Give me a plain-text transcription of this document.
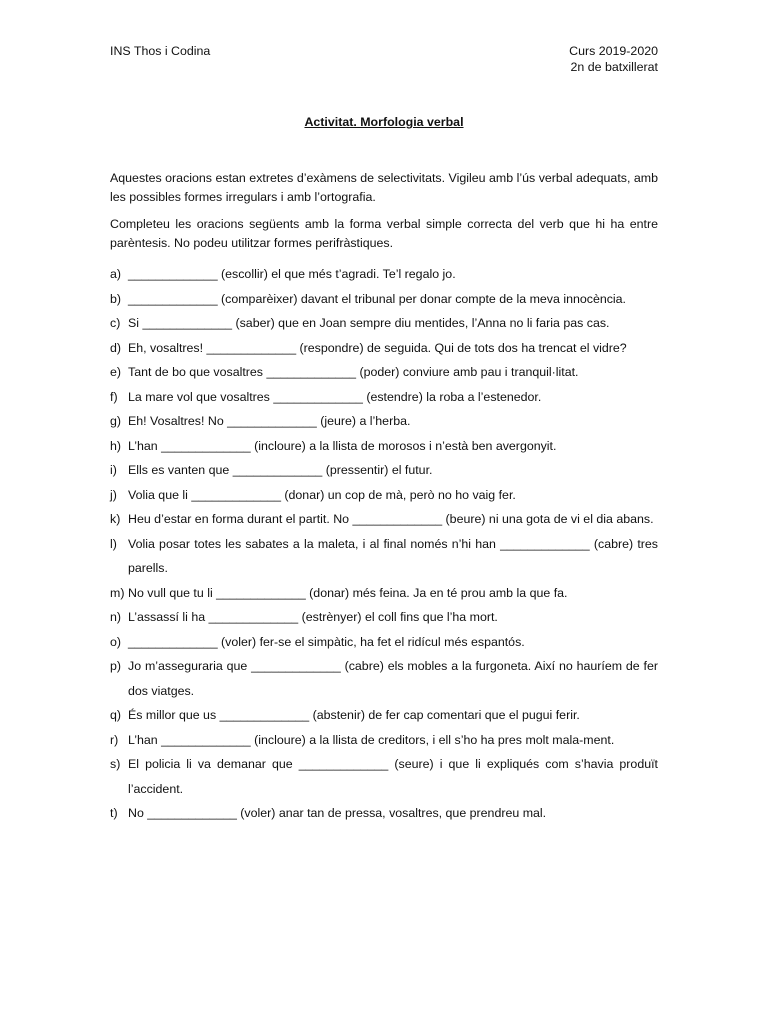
INS Thos i Codina	Curs 2019-2020
2n de batxillerat
Activitat. Morfologia verbal
Aquestes oracions estan extretes d’exàmens de selectivitats. Vigileu amb l’ús verbal adequats, amb les possibles formes irregulars i amb l’ortografia.
Completeu les oracions següents amb la forma verbal simple correcta del verb que hi ha entre parèntesis. No podeu utilitzar formes perifràstiques.
a) _____________ (escollir) el que més t’agradi. Te’l regalo jo.
b) _____________ (comparèixer) davant el tribunal per donar compte de la meva innocència.
c) Si _____________ (saber) que en Joan sempre diu mentides, l’Anna no li faria pas cas.
d) Eh, vosaltres! _____________ (respondre) de seguida. Qui de tots dos ha trencat el vidre?
e) Tant de bo que vosaltres _____________ (poder) conviure amb pau i tranquil·litat.
f) La mare vol que vosaltres _____________ (estendre) la roba a l’estenedor.
g) Eh! Vosaltres! No _____________ (jeure) a l’herba.
h) L’han _____________ (incloure) a la llista de morosos i n’està ben avergonyit.
i) Ells es vanten que _____________ (pressentir) el futur.
j) Volia que li _____________ (donar) un cop de mà, però no ho vaig fer.
k) Heu d’estar en forma durant el partit. No _____________ (beure) ni una gota de vi el dia abans.
l) Volia posar totes les sabates a la maleta, i al final només n’hi han _____________ (cabre) tres parells.
m) No vull que tu li _____________ (donar) més feina. Ja en té prou amb la que fa.
n) L’assassí li ha _____________ (estrènyer) el coll fins que l’ha mort.
o) _____________ (voler) fer-se el simpàtic, ha fet el ridícul més espantós.
p) Jo m’asseguraria que _____________ (cabre) els mobles a la furgoneta. Així no hauríem de fer dos viatges.
q) És millor que us _____________ (abstenir) de fer cap comentari que el pugui ferir.
r) L’han _____________ (incloure) a la llista de creditors, i ell s’ho ha pres molt mala-ment.
s) El policia li va demanar que _____________ (seure) i que li expliqués com s’havia produït l’accident.
t) No _____________ (voler) anar tan de pressa, vosaltres, que prendreu mal.
